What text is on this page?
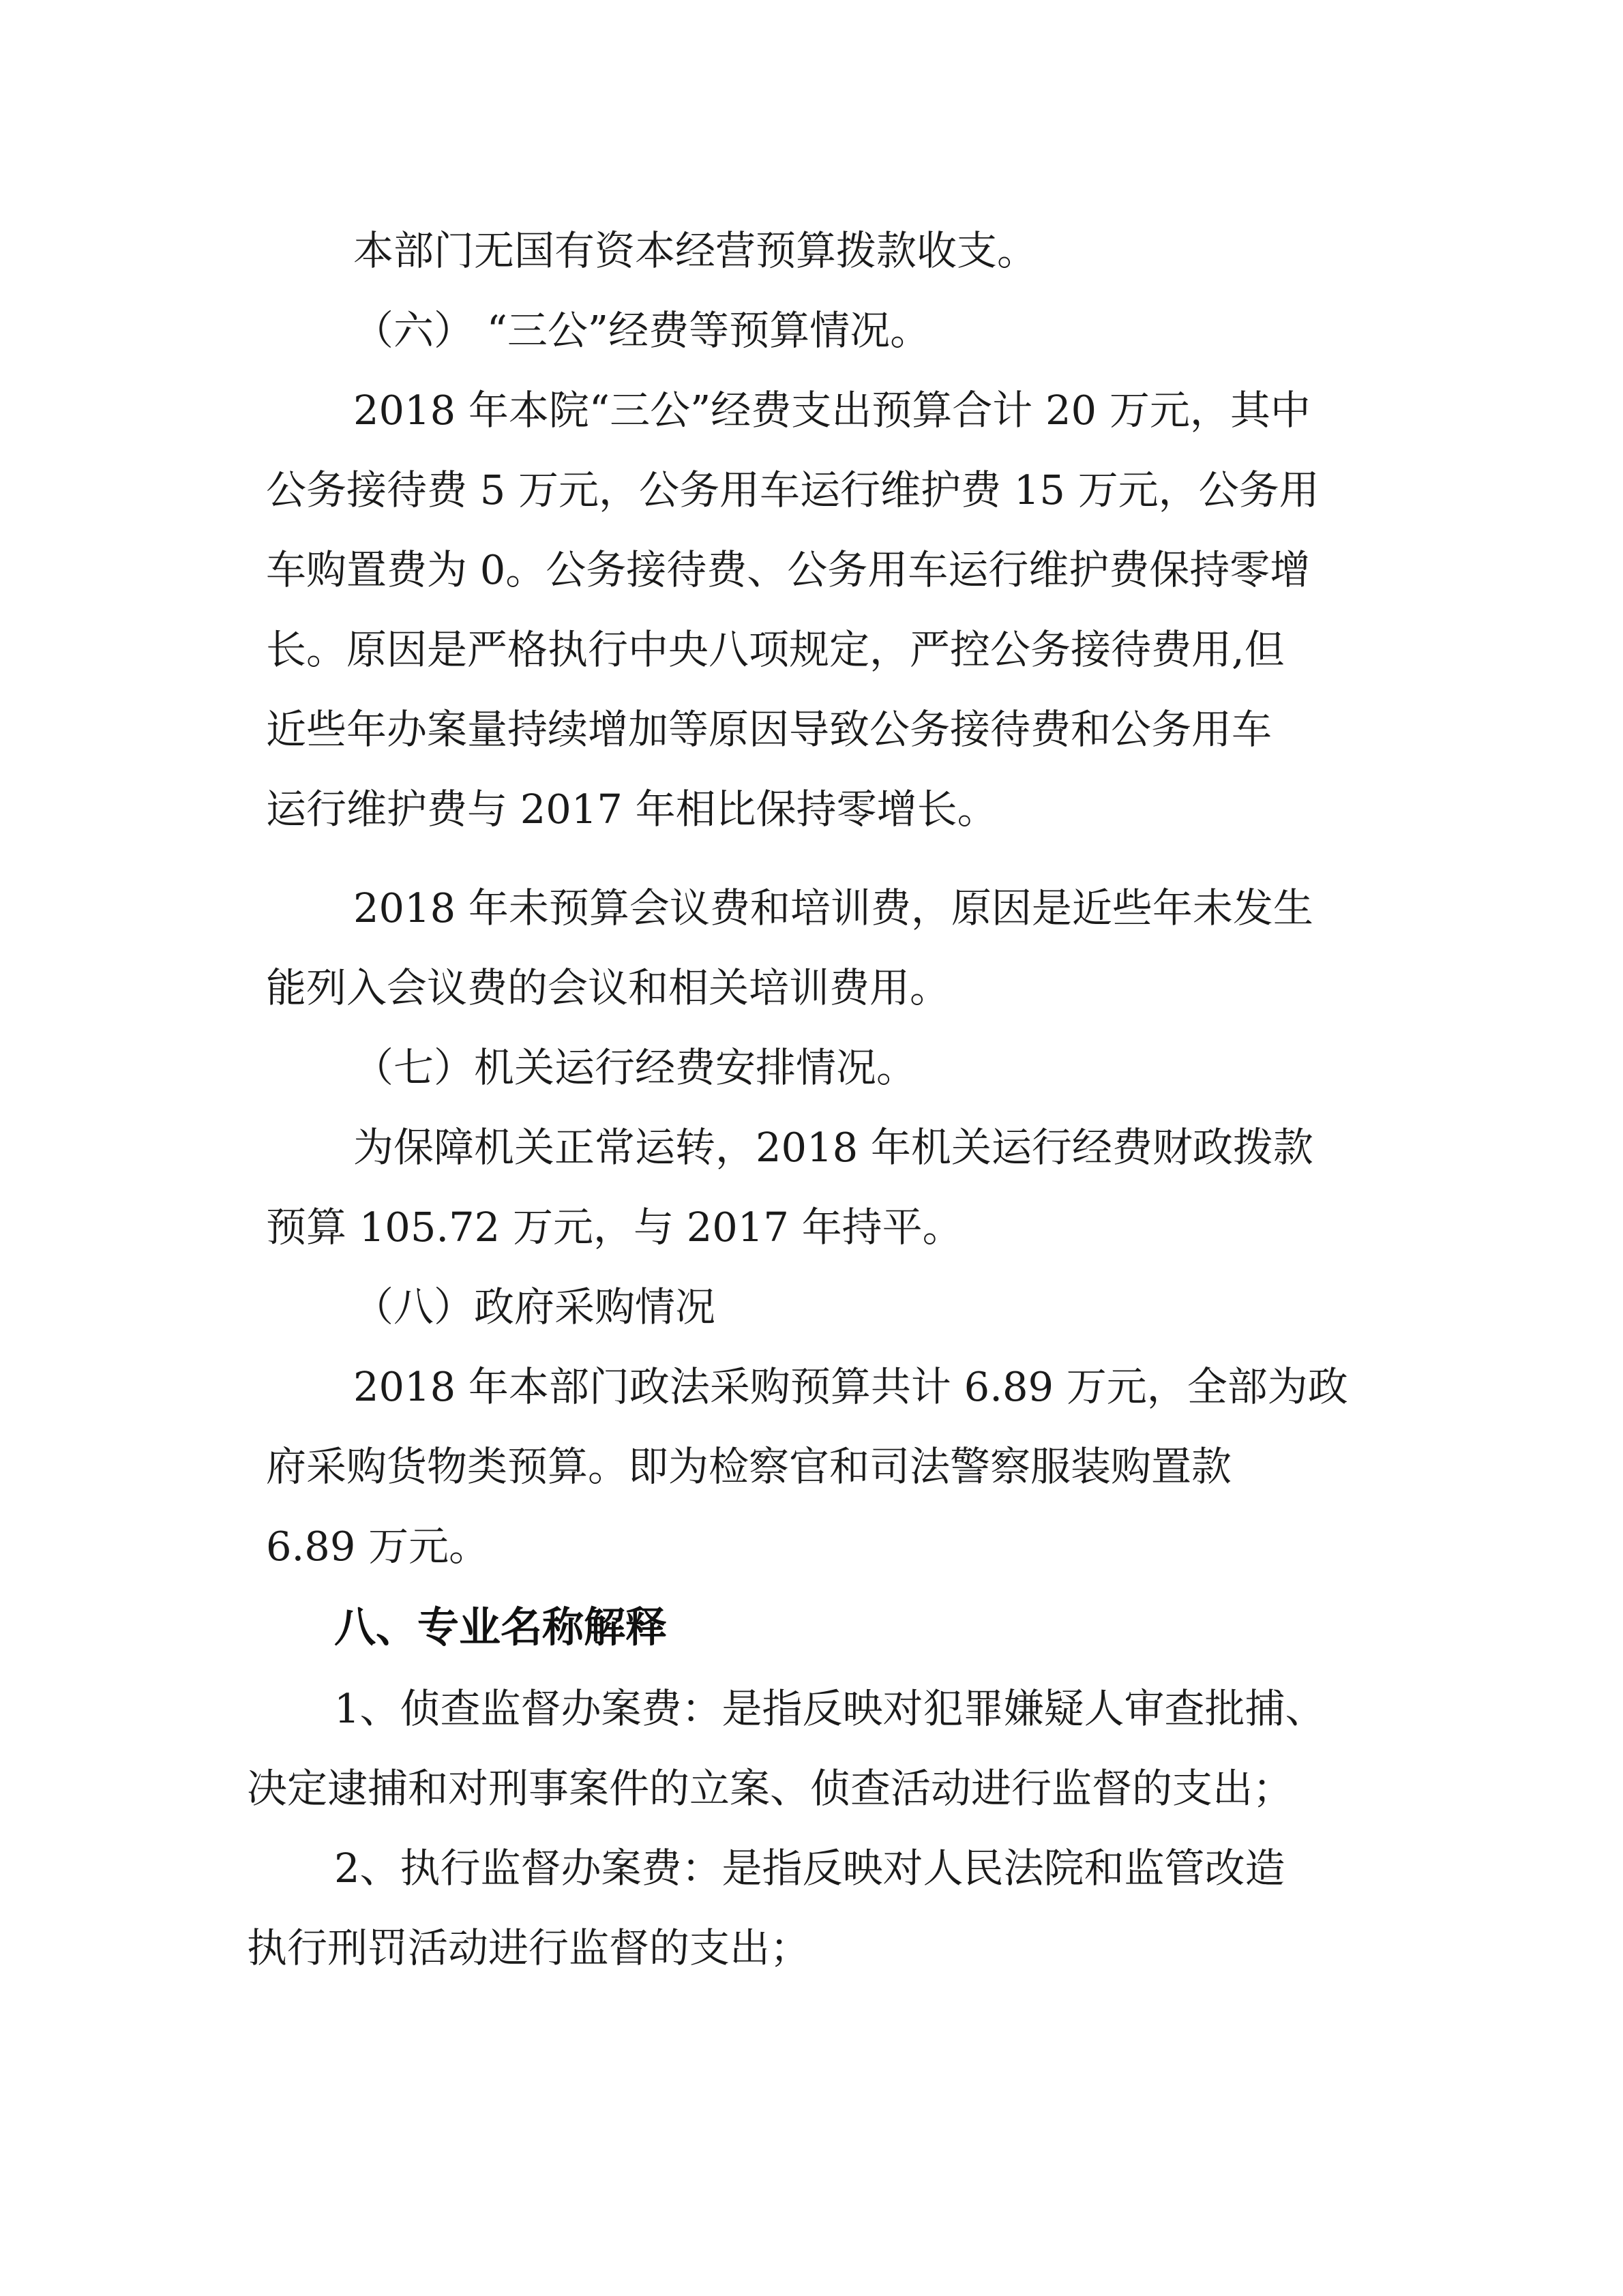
本部门无国有资本经营预算拨款收支。
（六） “三公”经费等预算情况。
2018 年本院“三公”经费支出预算合计 20 万元，其中
公务接待费 5 万元，公务用车运行维护费 15 万元，公务用
车购置费为 0。公务接待费、公务用车运行维护费保持零增
长。原因是严格执行中央八项规定，严控公务接待费用,但
近些年办案量持续增加等原因导致公务接待费和公务用车
运行维护费与 2017 年相比保持零增长。
2018 年未预算会议费和培训费，原因是近些年未发生
能列入会议费的会议和相关培训费用。
（七）机关运行经费安排情况。
为保障机关正常运转，2018 年机关运行经费财政拨款
预算 105.72 万元，与 2017 年持平。
（八）政府采购情况
2018 年本部门政法采购预算共计 6.89 万元，全部为政
府采购货物类预算。即为检察官和司法警察服装购置款
6.89 万元。
八、专业名称解释
1、侦查监督办案费：是指反映对犯罪嫌疑人审查批捕、
决定逮捕和对刑事案件的立案、侦查活动进行监督的支出；
2、执行监督办案费：是指反映对人民法院和监管改造
执行刑罚活动进行监督的支出；
